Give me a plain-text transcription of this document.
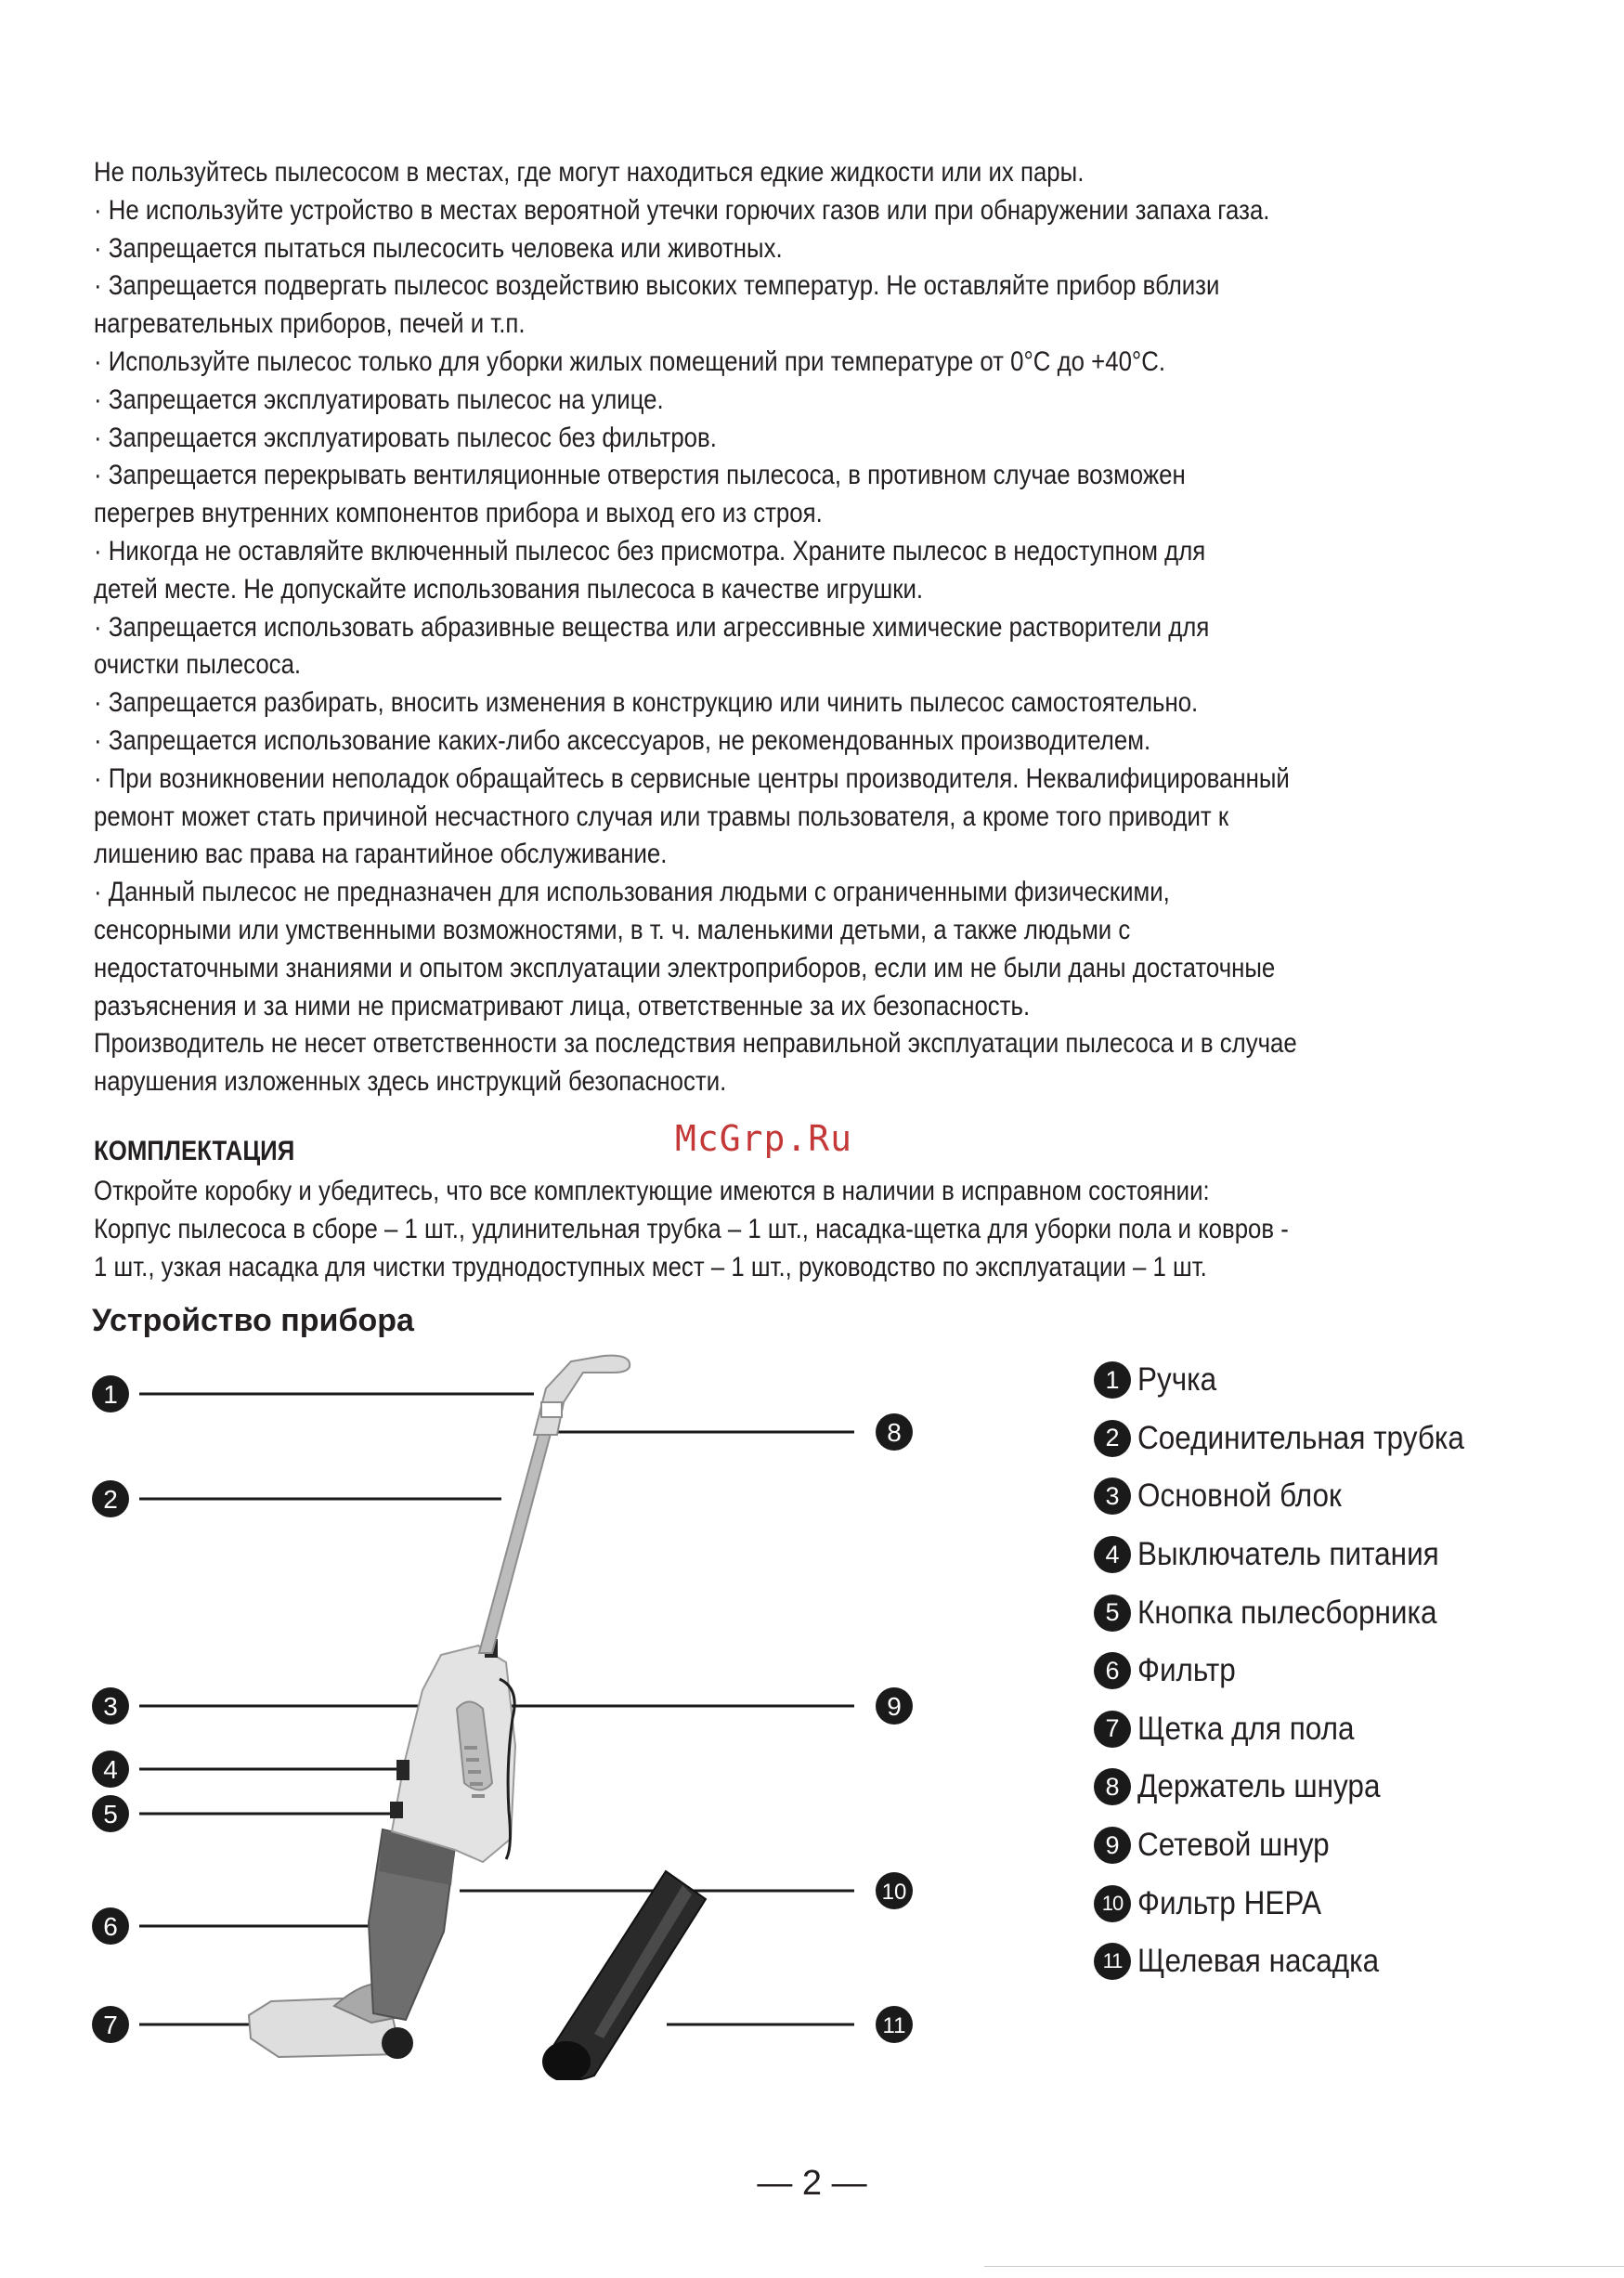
Не пользуйтесь пылесосом в местах, где могут находиться едкие жидкости или их пары.

· Не используйте устройство в местах вероятной утечки горючих газов или при обнаружении запаха газа.

· Запрещается пытаться пылесосить человека или животных.

· Запрещается подвергать пылесос воздействию высоких температур. Не оставляйте прибор вблизи

нагревательных приборов, печей и т.п.

· Используйте пылесос только для уборки жилых помещений при температуре от 0°C до +40°C.

· Запрещается эксплуатировать пылесос на улице.

· Запрещается эксплуатировать пылесос без фильтров.

· Запрещается перекрывать вентиляционные отверстия пылесоса, в противном случае возможен

перегрев внутренних компонентов прибора и выход его из строя.

· Никогда не оставляйте включенный пылесос без присмотра. Храните пылесос в недоступном для

детей месте. Не допускайте использования пылесоса в качестве игрушки.

· Запрещается использовать абразивные вещества или агрессивные химические растворители для

очистки пылесоса.

· Запрещается разбирать, вносить изменения в конструкцию или чинить пылесос самостоятельно.

· Запрещается использование каких-либо аксессуаров, не рекомендованных производителем.

· При возникновении неполадок обращайтесь в сервисные центры производителя. Неквалифицированный

ремонт может стать причиной несчастного случая или травмы пользователя, а кроме того приводит к

лишению вас права на гарантийное обслуживание.

· Данный пылесос не предназначен для использования людьми с ограниченными физическими,

сенсорными или умственными возможностями, в т. ч. маленькими детьми, а также людьми с

недостаточными знаниями и опытом эксплуатации электроприборов, если им не были даны достаточные

разъяснения и за ними не присматривают лица, ответственные за их безопасность.

Производитель не несет ответственности за последствия неправильной эксплуатации пылесоса и в случае

нарушения изложенных здесь инструкций безопасности.

КОМПЛЕКТАЦИЯ	McGrp.Ru

Откройте коробку и убедитесь, что все комплектующие имеются в наличии в исправном состоянии:

Корпус пылесоса в сборе – 1 шт., удлинительная трубка – 1 шт., насадка-щетка для уборки пола и ковров -

1 шт., узкая насадка для чистки труднодоступных мест – 1 шт., руководство по эксплуатации – 1 шт.

Устройство прибора
1
2
3
4
5
6
7
8
9
10
11
1 Ручка
2 Соединительная трубка
3 Основной блок
4 Выключатель питания
5 Кнопка пылесборника
6 Фильтр
7 Щетка для пола
8 Держатель шнура
9 Сетевой шнур
10 Фильтр HEPA
11 Щелевая насадка
— 2 —
